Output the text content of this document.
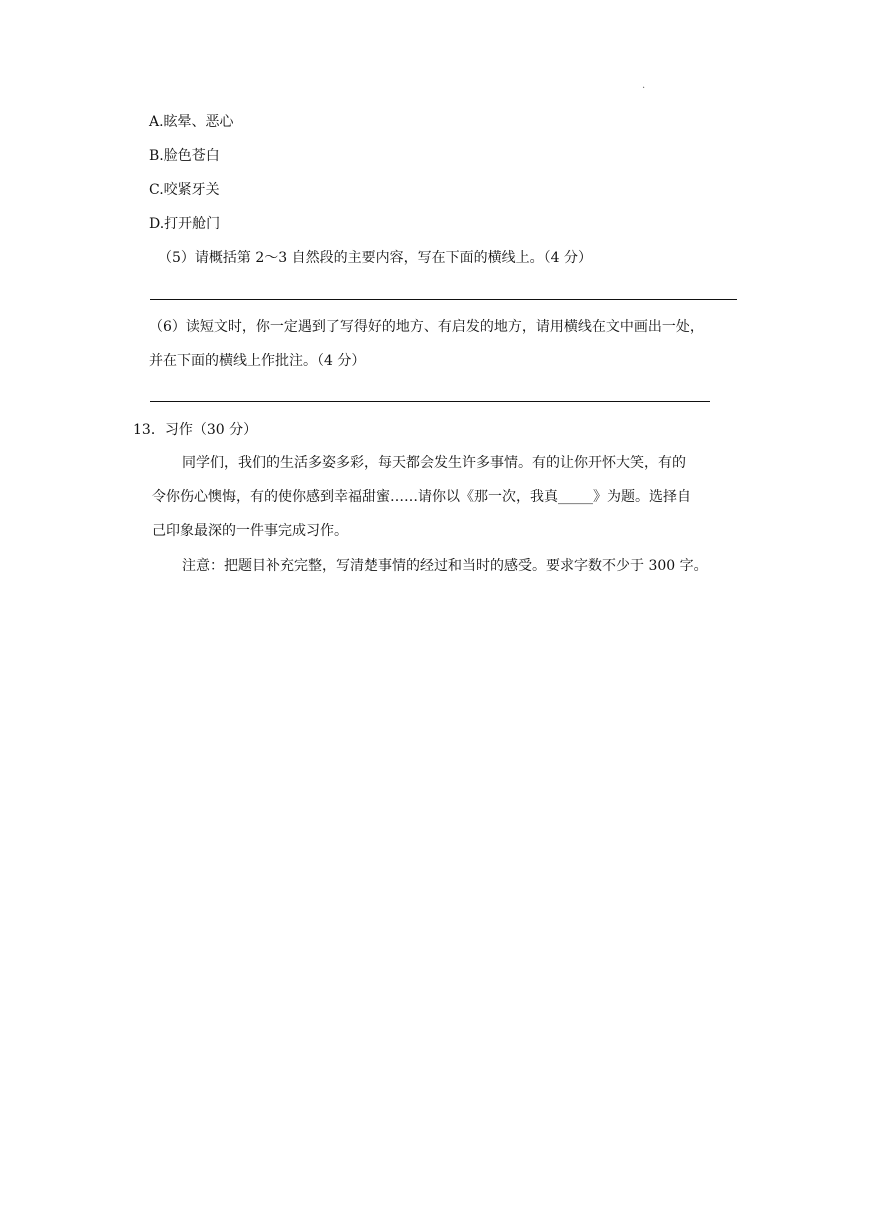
.
A.眩晕、恶心
B.脸色苍白
C.咬紧牙关
D.打开舱门
（5）请概括第 2～3 自然段的主要内容，写在下面的横线上。（4 分）
（6）读短文时，你一定遇到了写得好的地方、有启发的地方，请用横线在文中画出一处，
并在下面的横线上作批注。（4 分）
13．习作（30 分）
同学们，我们的生活多姿多彩，每天都会发生许多事情。有的让你开怀大笑，有的
令你伤心懊悔，有的使你感到幸福甜蜜……请你以《那一次，我真_____》为题。选择自
己印象最深的一件事完成习作。
注意：把题目补充完整，写清楚事情的经过和当时的感受。要求字数不少于 300 字。
